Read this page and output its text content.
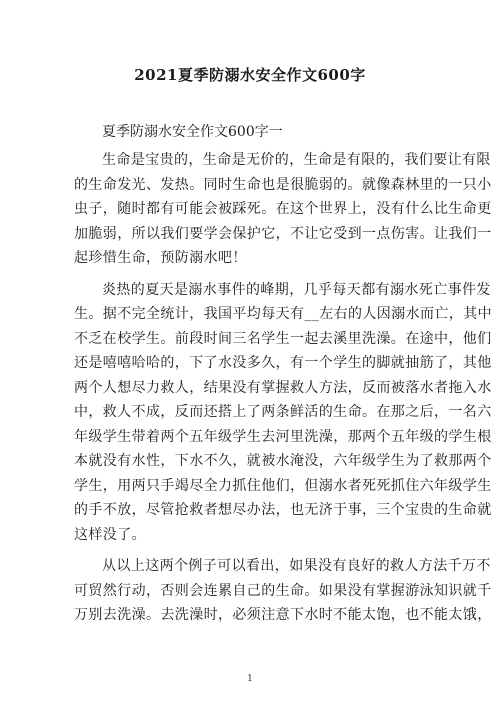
2021夏季防溺水安全作文600字
夏季防溺水安全作文600字一
生命是宝贵的，生命是无价的，生命是有限的，我们要让有限
的生命发光、发热。同时生命也是很脆弱的。就像森林里的一只小
虫子，随时都有可能会被踩死。在这个世界上，没有什么比生命更
加脆弱，所以我们要学会保护它，不让它受到一点伤害。让我们一
起珍惜生命，预防溺水吧！
炎热的夏天是溺水事件的峰期，几乎每天都有溺水死亡事件发
生。据不完全统计，我国平均每天有__左右的人因溺水而亡，其中
不乏在校学生。前段时间三名学生一起去溪里洗澡。在途中，他们
还是嘻嘻哈哈的，下了水没多久，有一个学生的脚就抽筋了，其他
两个人想尽力救人，结果没有掌握救人方法，反而被落水者拖入水
中，救人不成，反而还搭上了两条鲜活的生命。在那之后，一名六
年级学生带着两个五年级学生去河里洗澡，那两个五年级的学生根
本就没有水性，下水不久，就被水淹没，六年级学生为了救那两个
学生，用两只手竭尽全力抓住他们，但溺水者死死抓住六年级学生
的手不放，尽管抢救者想尽办法，也无济于事，三个宝贵的生命就
这样没了。
从以上这两个例子可以看出，如果没有良好的救人方法千万不
可贸然行动，否则会连累自己的生命。如果没有掌握游泳知识就千
万别去洗澡。去洗澡时，必须注意下水时不能太饱，也不能太饿，
1
